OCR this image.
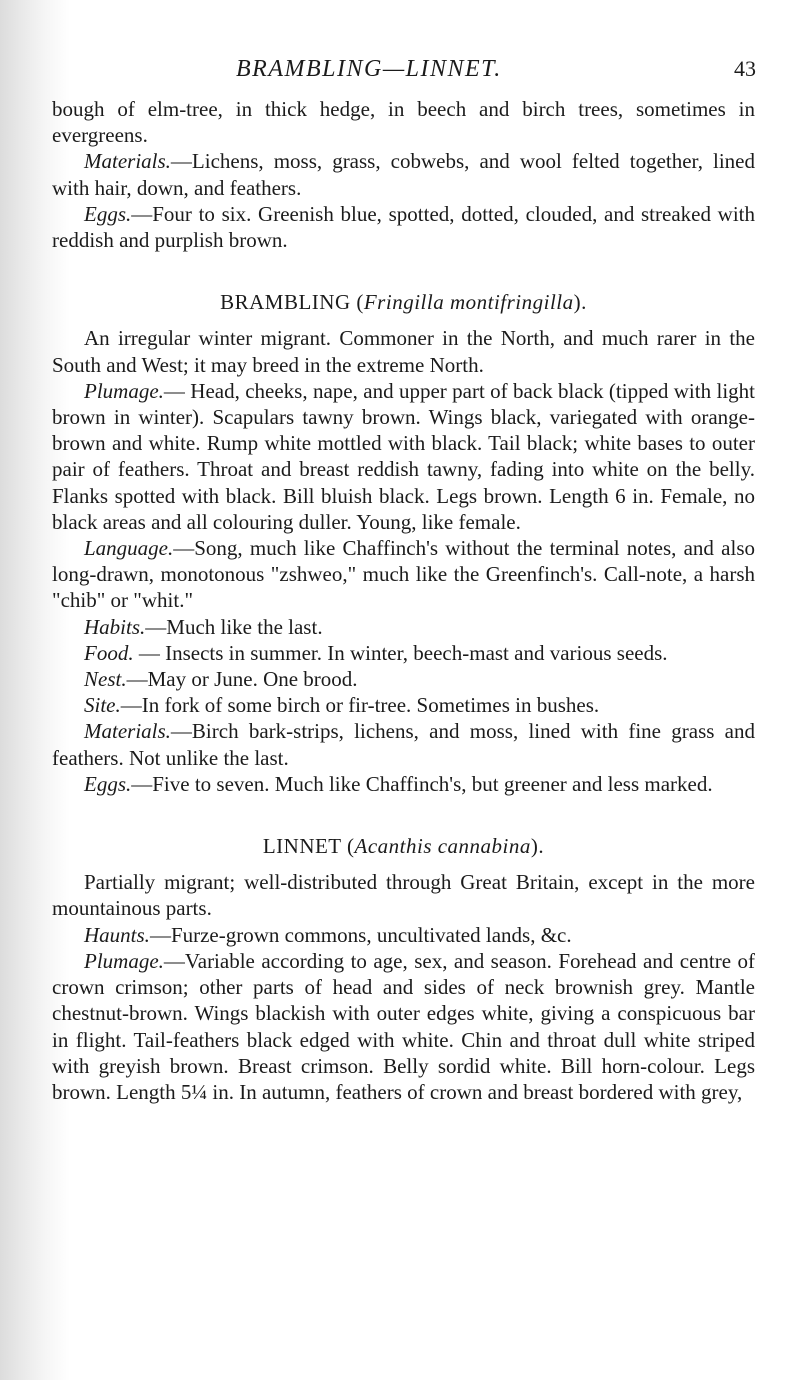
BRAMBLING—LINNET.	43

bough of elm-tree, in thick hedge, in beech and birch trees, sometimes in evergreens.

Materials.—Lichens, moss, grass, cobwebs, and wool felted together, lined with hair, down, and feathers.

Eggs.—Four to six. Greenish blue, spotted, dotted, clouded, and streaked with reddish and purplish brown.

BRAMBLING (Fringilla montifringilla).

An irregular winter migrant. Commoner in the North, and much rarer in the South and West; it may breed in the extreme North.

Plumage.— Head, cheeks, nape, and upper part of back black (tipped with light brown in winter). Scapulars tawny brown. Wings black, variegated with orange-brown and white. Rump white mottled with black. Tail black; white bases to outer pair of feathers. Throat and breast reddish tawny, fading into white on the belly. Flanks spotted with black. Bill bluish black. Legs brown. Length 6 in. Female, no black areas and all colouring duller. Young, like female.

Language.—Song, much like Chaffinch's without the terminal notes, and also long-drawn, monotonous "zshweo," much like the Greenfinch's. Call-note, a harsh "chib" or "whit."

Habits.—Much like the last.

Food. — Insects in summer. In winter, beech-mast and various seeds.

Nest.—May or June. One brood.

Site.—In fork of some birch or fir-tree. Sometimes in bushes.

Materials.—Birch bark-strips, lichens, and moss, lined with fine grass and feathers. Not unlike the last.

Eggs.—Five to seven. Much like Chaffinch's, but greener and less marked.

LINNET (Acanthis cannabina).

Partially migrant; well-distributed through Great Britain, except in the more mountainous parts.

Haunts.—Furze-grown commons, uncultivated lands, &c.

Plumage.—Variable according to age, sex, and season. Forehead and centre of crown crimson; other parts of head and sides of neck brownish grey. Mantle chestnut-brown. Wings blackish with outer edges white, giving a conspicuous bar in flight. Tail-feathers black edged with white. Chin and throat dull white striped with greyish brown. Breast crimson. Belly sordid white. Bill horn-colour. Legs brown. Length 5¼ in. In autumn, feathers of crown and breast bordered with grey,
